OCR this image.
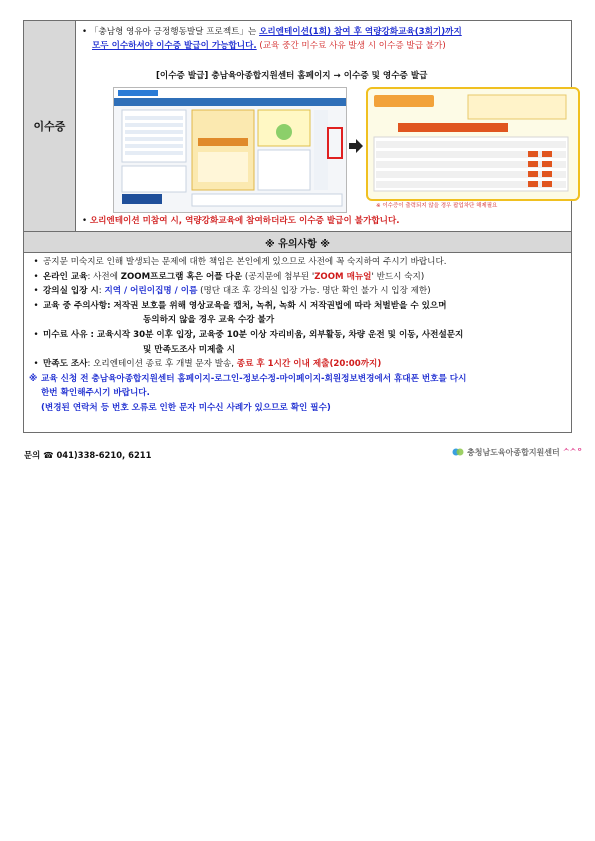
이수증
• 「충남형 영유아 긍정행동발달 프로젝트」는 오리엔테이션(1회) 참여 후 역량강화교육(3회기)까지
모두 이수하셔야 이수증 발급이 가능합니다. (교육 중간 미수료 사유 발생 시 이수증 발급 불가)
[이수증 발급] 충남육아종합지원센터 홈페이지 → 이수증 및 영수증 발급
※ 이수증이 출력되지 않을 경우 팝업차단 해제필요
• 오리엔테이션 미참여 시, 역량강화교육에 참여하더라도 이수증 발급이 불가합니다.
※ 유의사항 ※
• 공지문 미숙지로 인해 발생되는 문제에 대한 책임은 본인에게 있으므로 사전에 꼭 숙지하여 주시기 바랍니다.
• 온라인 교육: 사전에 ZOOM프로그램 혹은 어플 다운 (공지문에 첨부된 'ZOOM 매뉴얼' 반드시 숙지)
• 강의실 입장 시: 지역 / 어린이집명 / 이름 (명단 대조 후 강의실 입장 가능. 명단 확인 불가 시 입장 제한)
• 교육 중 주의사항: 저작권 보호를 위해 영상교육을 캡처, 녹취, 녹화 시 저작권법에 따라 처벌받을 수 있으며
동의하지 않을 경우 교육 수강 불가
• 미수료 사유 : 교육시작 30분 이후 입장, 교육중 10분 이상 자리비움, 외부활동, 차량 운전 및 이동, 사전설문지
및 만족도조사 미제출 시
• 만족도 조사: 오리엔테이션 종료 후 개별 문자 발송, 종료 후 1시간 이내 제출(20:00까지)
※ 교육 신청 전 충남육아종합지원센터 홈페이지-로그인-정보수정-마이페이지-회원정보변경에서 휴대폰 번호를 다시
한번 확인해주시기 바랍니다.
(변경된 연락처 등 번호 오류로 인한 문자 미수신 사례가 있으므로 확인 필수)
문의 ☎ 041)338-6210, 6211	충청남도육아종합지원센터 ᄉᄉᄋ
